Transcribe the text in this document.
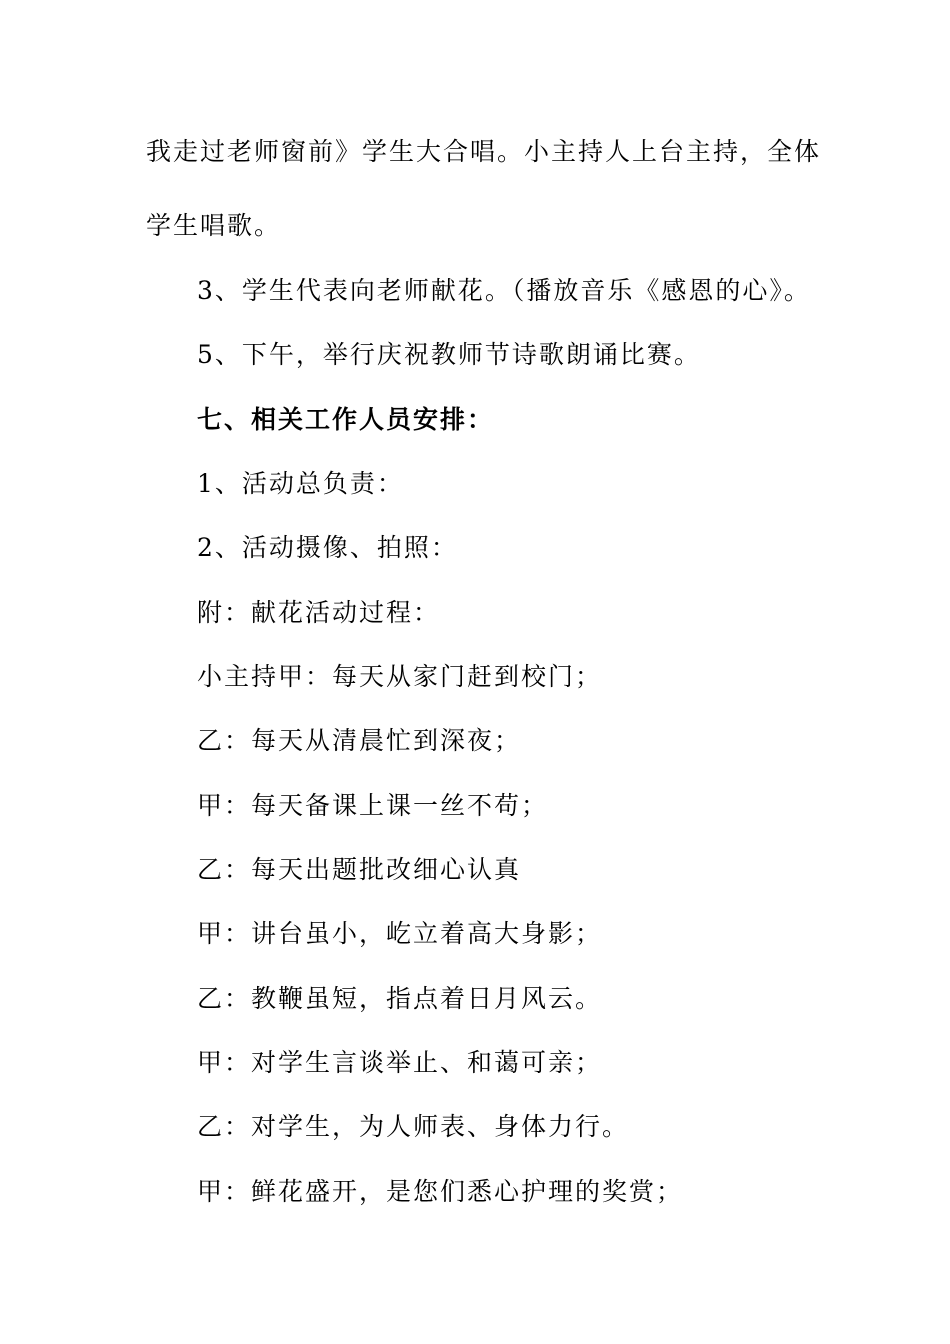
我走过老师窗前》学生大合唱。小主持人上台主持，全体
学生唱歌。
3、学生代表向老师献花。（播放音乐《感恩的心》。
5、下午，举行庆祝教师节诗歌朗诵比赛。
七、相关工作人员安排：
1、活动总负责：
2、活动摄像、拍照：
附：献花活动过程：
小主持甲：每天从家门赶到校门；
乙：每天从清晨忙到深夜；
甲：每天备课上课一丝不苟；
乙：每天出题批改细心认真
甲：讲台虽小，屹立着高大身影；
乙：教鞭虽短，指点着日月风云。
甲：对学生言谈举止、和蔼可亲；
乙：对学生，为人师表、身体力行。
甲：鲜花盛开，是您们悉心护理的奖赏；
